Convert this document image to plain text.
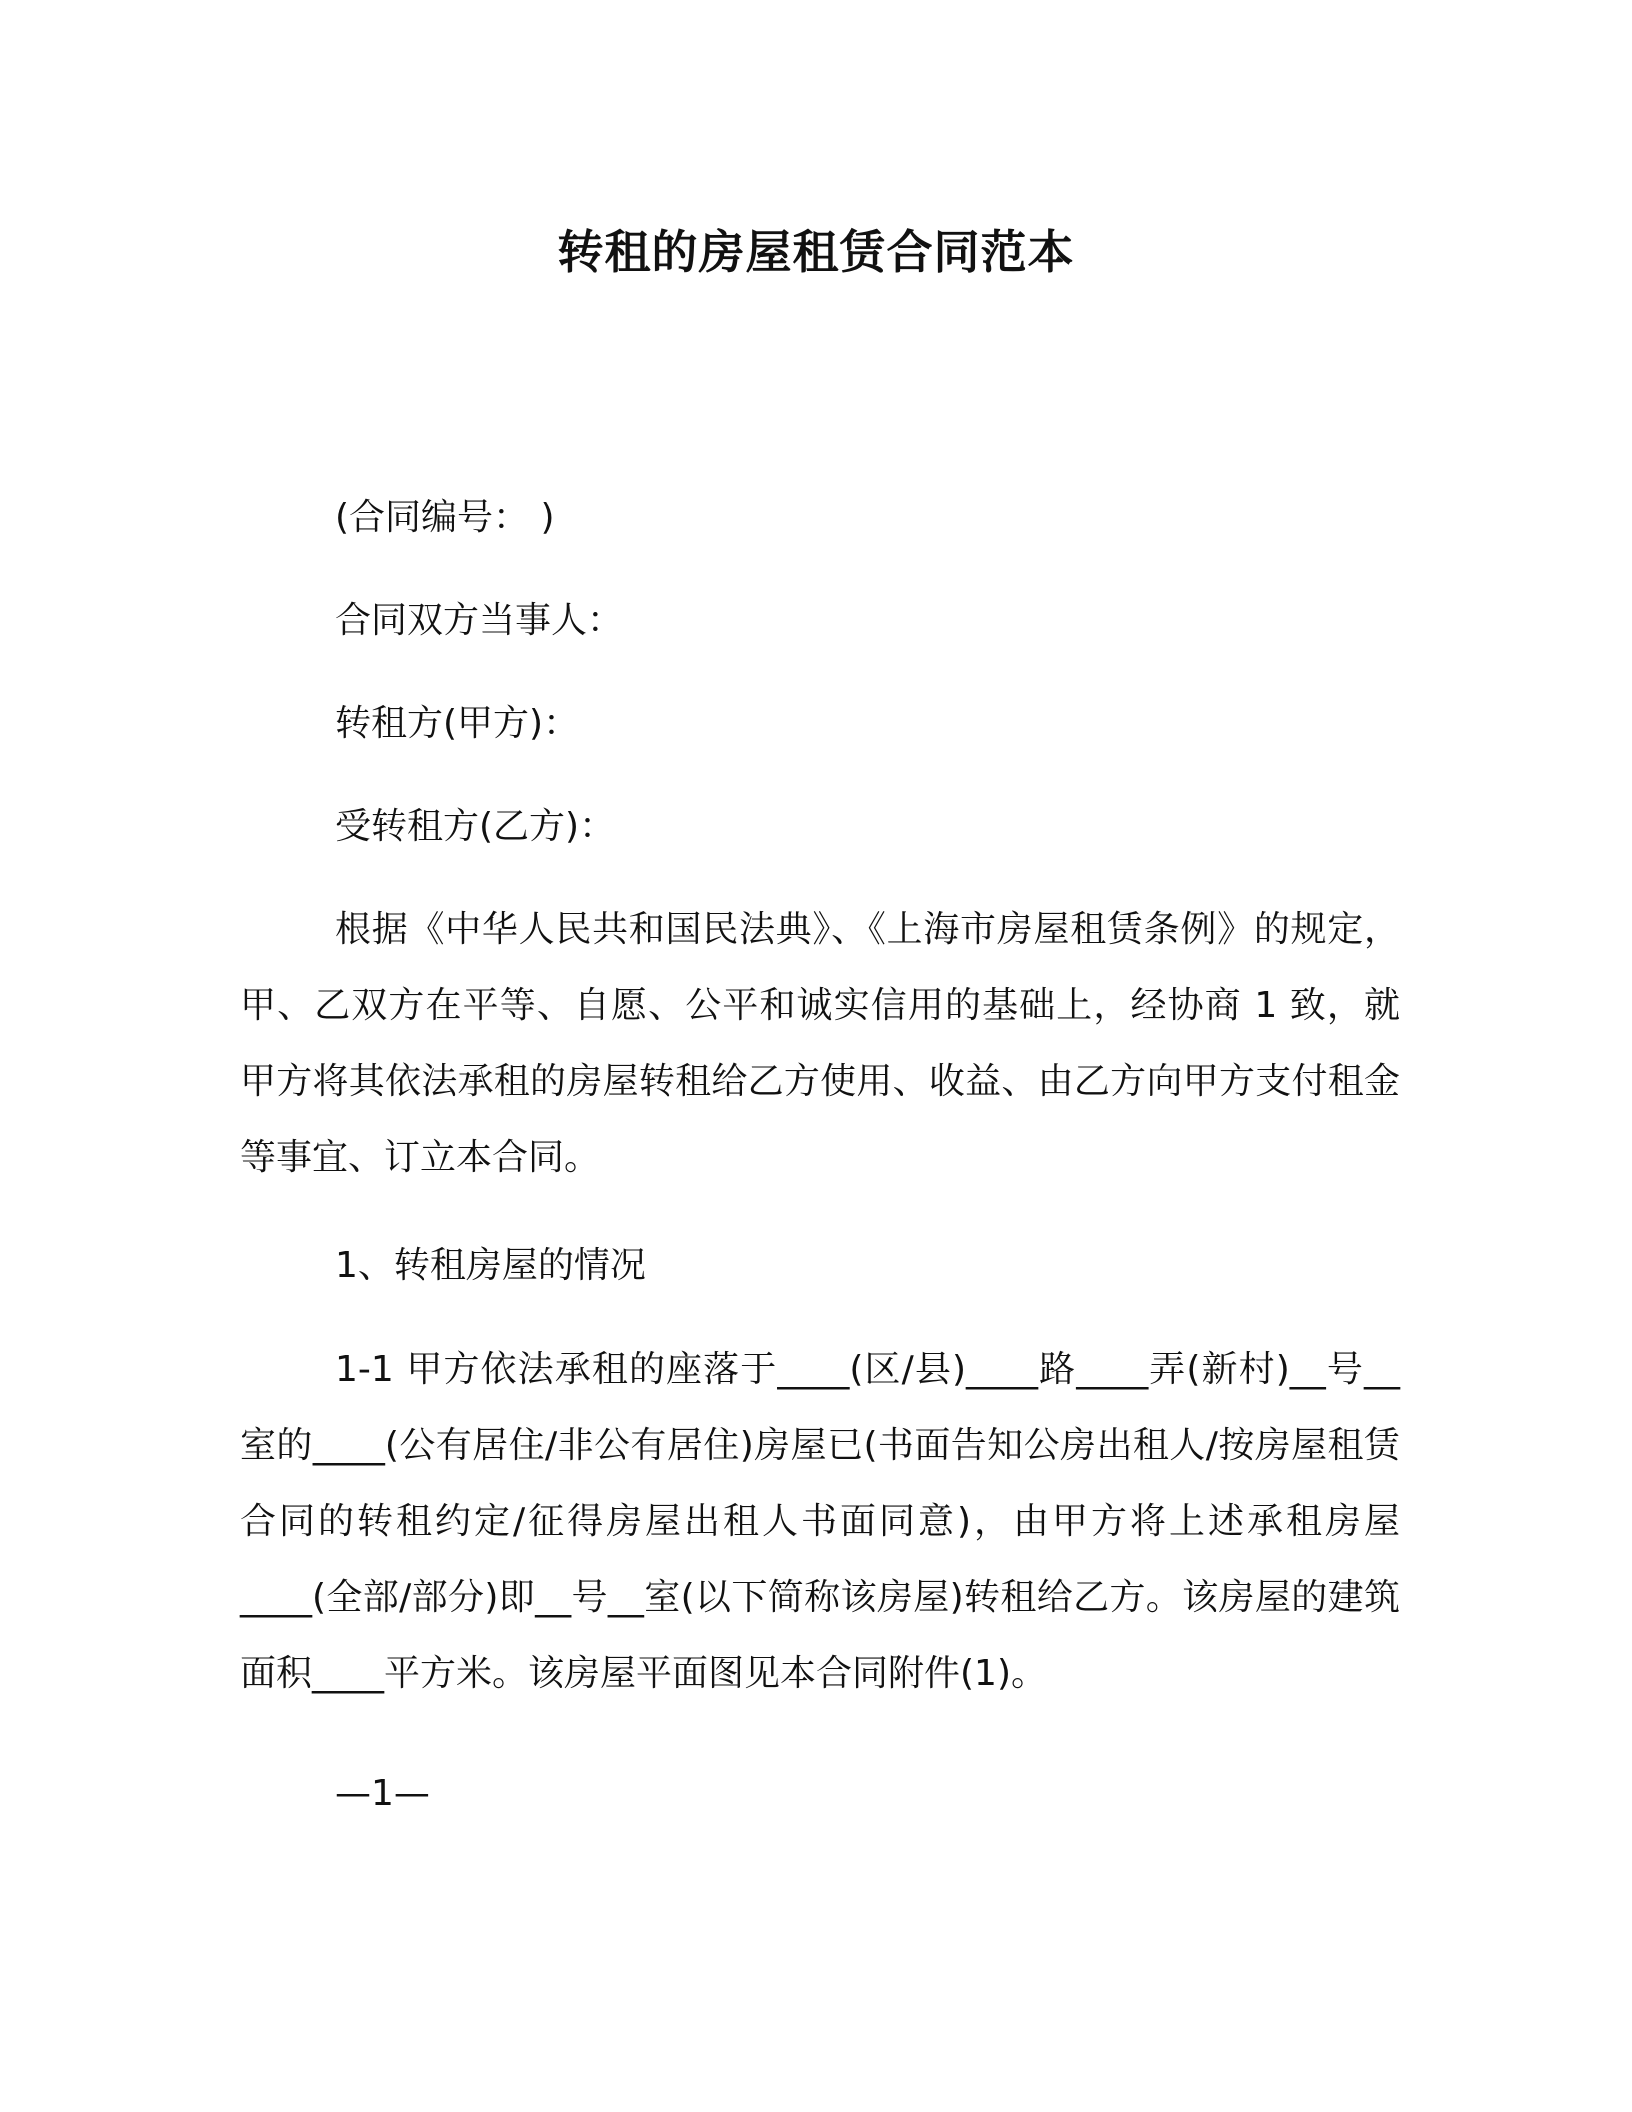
转租的房屋租赁合同范本
(合同编号： )
合同双方当事人：
转租方(甲方)：
受转租方(乙方)：

根据《中华人民共和国民法典》、《上海市房屋租赁条例》的规定，甲、乙双方在平等、自愿、公平和诚实信用的基础上，经协商 1 致，就甲方将其依法承租的房屋转租给乙方使用、收益、由乙方向甲方支付租金等事宜、订立本合同。

1、转租房屋的情况

1-1 甲方依法承租的座落于____(区/县)____路____弄(新村)__号__室的____(公有居住/非公有居住)房屋已(书面告知公房出租人/按房屋租赁合同的转租约定/征得房屋出租人书面同意)，由甲方将上述承租房屋____(全部/部分)即__号__室(以下简称该房屋)转租给乙方。该房屋的建筑面积____平方米。该房屋平面图见本合同附件(1)。

—1—
